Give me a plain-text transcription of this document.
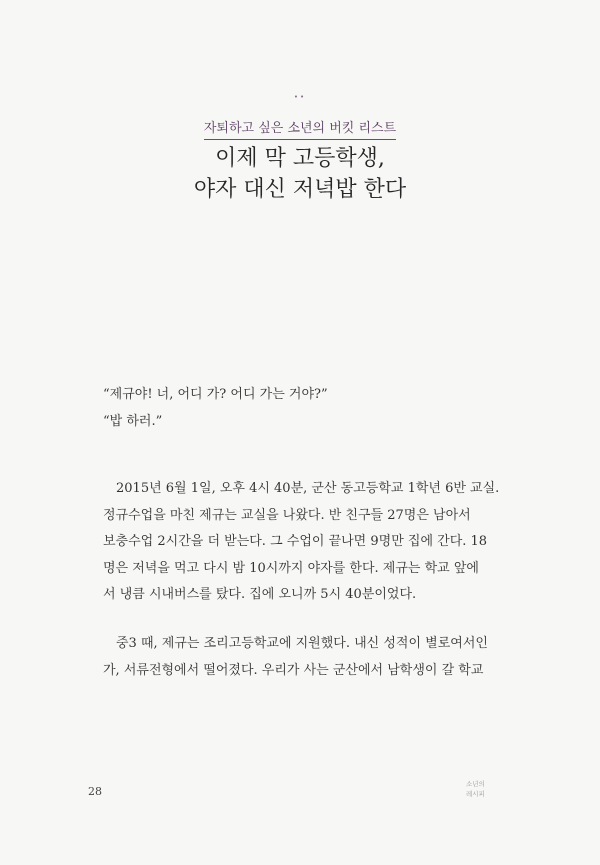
••
자퇴하고 싶은 소년의 버킷 리스트
이제 막 고등학생,
야자 대신 저녁밥 한다
“제규야! 너, 어디 가? 어디 가는 거야?”
“밥 하러.”
2015년 6월 1일, 오후 4시 40분, 군산 동고등학교 1학년 6반 교실.
정규수업을 마친 제규는 교실을 나왔다. 반 친구들 27명은 남아서
보충수업 2시간을 더 받는다. 그 수업이 끝나면 9명만 집에 간다. 18
명은 저녁을 먹고 다시 밤 10시까지 야자를 한다. 제규는 학교 앞에
서 냉큼 시내버스를 탔다. 집에 오니까 5시 40분이었다.
중3 때, 제규는 조리고등학교에 지원했다. 내신 성적이 별로여서인
가, 서류전형에서 떨어졌다. 우리가 사는 군산에서 남학생이 갈 학교
28
소년의
레시피
